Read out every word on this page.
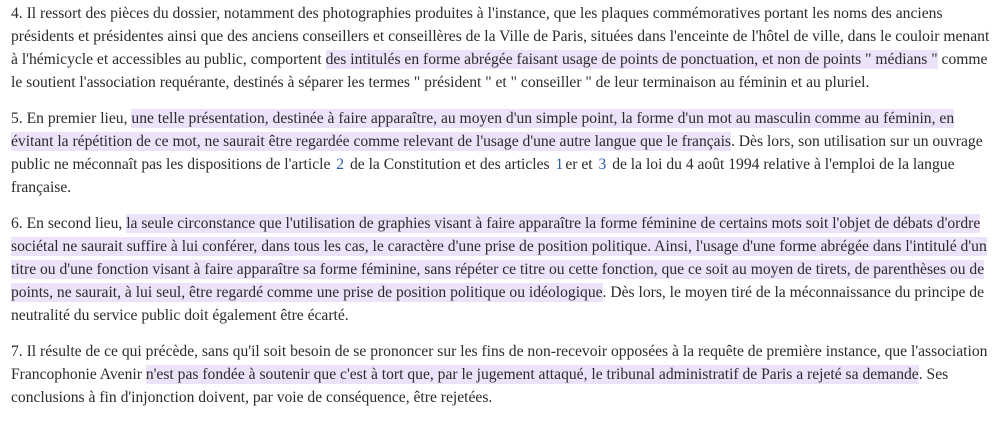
4. Il ressort des pièces du dossier, notamment des photographies produites à l'instance, que les plaques commémoratives portant les noms des anciens présidents et présidentes ainsi que des anciens conseillers et conseillères de la Ville de Paris, situées dans l'enceinte de l'hôtel de ville, dans le couloir menant à l'hémicycle et accessibles au public, comportent des intitulés en forme abrégée faisant usage de points de ponctuation, et non de points " médians " comme le soutient l'association requérante, destinés à séparer les termes " président " et " conseiller " de leur terminaison au féminin et au pluriel.

5. En premier lieu, une telle présentation, destinée à faire apparaître, au moyen d'un simple point, la forme d'un mot au masculin comme au féminin, en évitant la répétition de ce mot, ne saurait être regardée comme relevant de l'usage d'une autre langue que le français. Dès lors, son utilisation sur un ouvrage public ne méconnaît pas les dispositions de l'article 2 de la Constitution et des articles 1 er et 3 de la loi du 4 août 1994 relative à l'emploi de la langue française.

6. En second lieu, la seule circonstance que l'utilisation de graphies visant à faire apparaître la forme féminine de certains mots soit l'objet de débats d'ordre sociétal ne saurait suffire à lui conférer, dans tous les cas, le caractère d'une prise de position politique. Ainsi, l'usage d'une forme abrégée dans l'intitulé d'un titre ou d'une fonction visant à faire apparaître sa forme féminine, sans répéter ce titre ou cette fonction, que ce soit au moyen de tirets, de parenthèses ou de points, ne saurait, à lui seul, être regardé comme une prise de position politique ou idéologique. Dès lors, le moyen tiré de la méconnaissance du principe de neutralité du service public doit également être écarté.

7. Il résulte de ce qui précède, sans qu'il soit besoin de se prononcer sur les fins de non-recevoir opposées à la requête de première instance, que l'association Francophonie Avenir n'est pas fondée à soutenir que c'est à tort que, par le jugement attaqué, le tribunal administratif de Paris a rejeté sa demande. Ses conclusions à fin d'injonction doivent, par voie de conséquence, être rejetées.
